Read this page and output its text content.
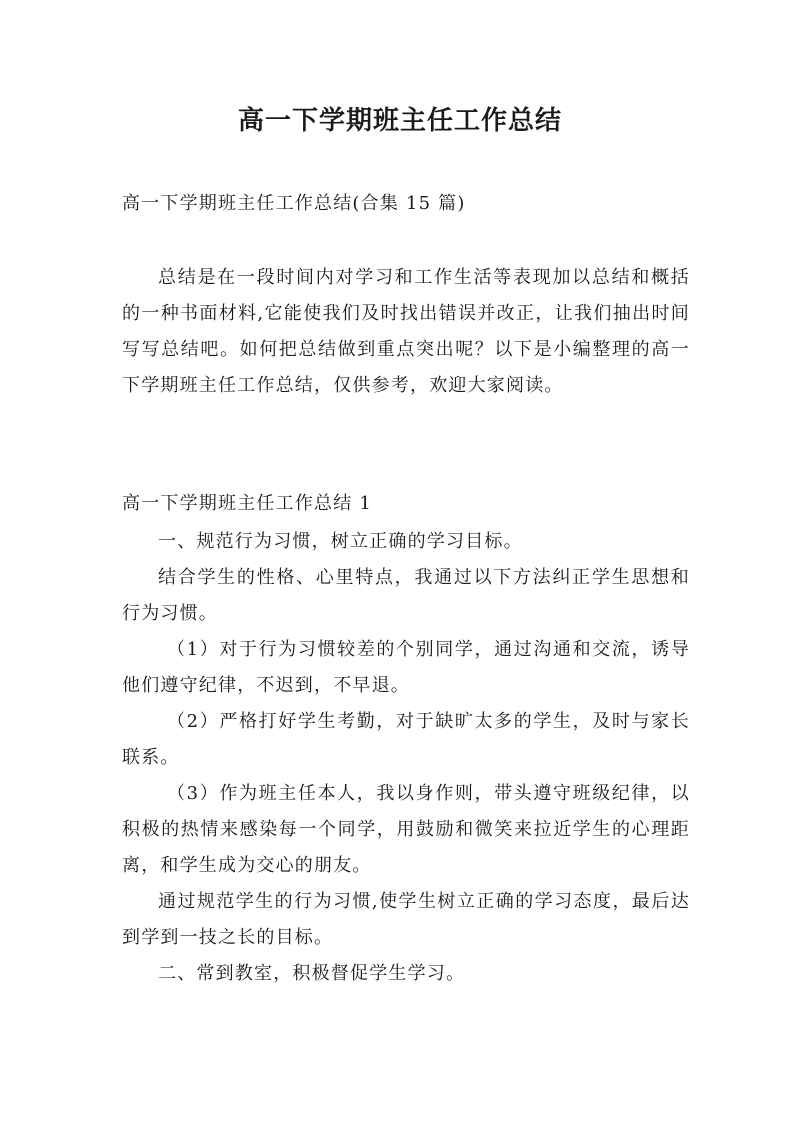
高一下学期班主任工作总结
高一下学期班主任工作总结(合集 15 篇)
总结是在一段时间内对学习和工作生活等表现加以总结和概括的一种书面材料,它能使我们及时找出错误并改正，让我们抽出时间写写总结吧。如何把总结做到重点突出呢？以下是小编整理的高一下学期班主任工作总结，仅供参考，欢迎大家阅读。
高一下学期班主任工作总结 1

一、规范行为习惯，树立正确的学习目标。

结合学生的性格、心里特点，我通过以下方法纠正学生思想和行为习惯。

（1）对于行为习惯较差的个别同学，通过沟通和交流，诱导他们遵守纪律，不迟到，不早退。

（2）严格打好学生考勤，对于缺旷太多的学生，及时与家长联系。

（3）作为班主任本人，我以身作则，带头遵守班级纪律，以积极的热情来感染每一个同学，用鼓励和微笑来拉近学生的心理距离，和学生成为交心的朋友。

通过规范学生的行为习惯,使学生树立正确的学习态度，最后达到学到一技之长的目标。

二、常到教室，积极督促学生学习。
